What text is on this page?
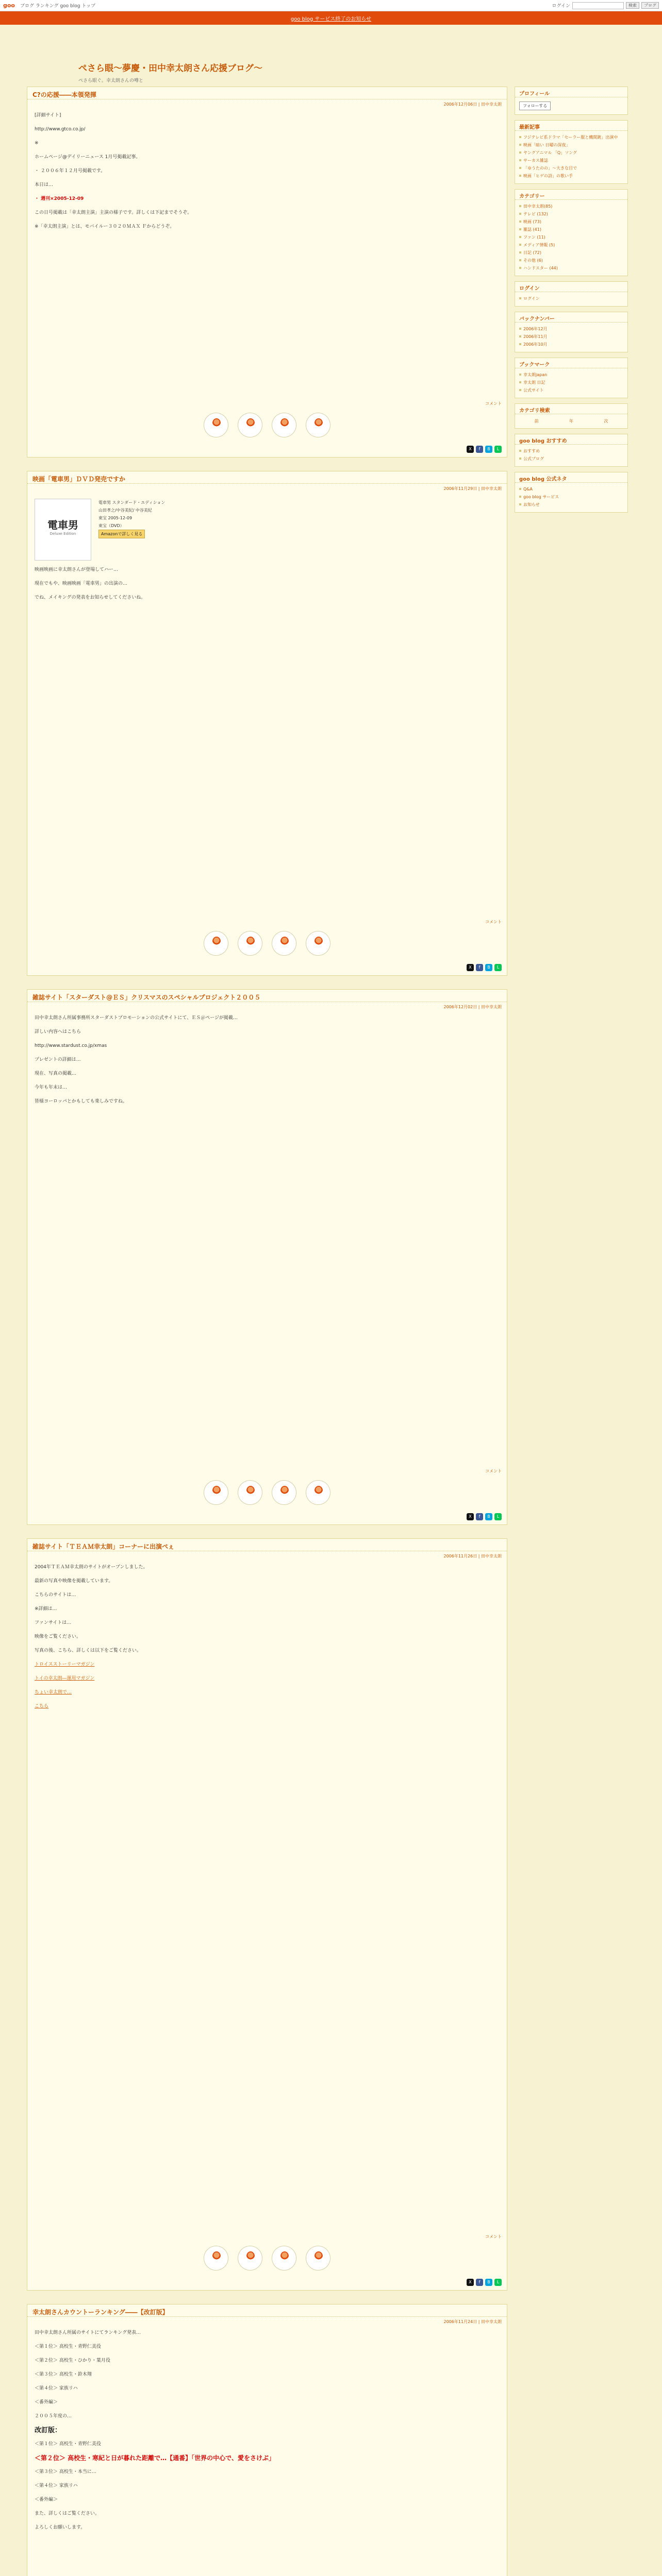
goo ブログ ランキング goo blog トップ	ログイン	検索	ブログ
goo blog サービス終了のお知らせ
ぺさら眼〜夢慶・田中幸太朗さん応援ブログ〜
ぺさら眼ぐ。幸太朗さんの噂と
C?の応援――本領発揮
2006年12月06日 | 田中幸太朗

[詳細サイト]

http://www.gtco.co.jp/

※

ホームページ@デイリーニュース 1月号掲載記事。

・ ２００６年１２月号掲載です。

本日は…

・ 週刊×2005-12-09

この日号掲載は「幸太朗主演」主演の様子です。詳しくは下記までそうぞ。

※「幸太朗主演」とは、モバイルー３０２０ＭＡＸ Ｆからどうぞ。

コメント
X	f	B	L
映画「電車男」ＤＶＤ発売ですか
2006年11月29日 | 田中幸太朗
電車男
Deluxe Edition
電車男 スタンダード・エディション
山田孝之/中谷美紀/ 中谷美紀
東宝 2005-12-09
東宝（DVD）
Amazonで詳しく見る

映画映画に幸太朗さんが登場してハー…

現在でもや、映画映画「電車男」の出演の…

でね、メイキングの発表をお知らせしてくださいね。

コメント
X	f	B	L
雑誌サイト「スターダスト@ＥＳ」クリスマスのスペシャルプロジェクト２００５
2006年12月02日 | 田中幸太朗

田中幸太朗さん所属事務所スターダストプロモーションの公式サイトにて、ＥＳ＠ページが掲載…

詳しい内容へはこちら

http://www.stardust.co.jp/xmas

プレゼントの詳細は…

現在、写真の掲載…

今年も年末は…

皆様ヨーロッパとかもしても楽しみですね。

コメント
X	f	B	L
雑誌サイト「ＴＥＡＭ幸太朗」コーナーに出演ぺぇ
2006年11月26日 | 田中幸太朗

2004年ＴＥＡＭ幸太朗のサイトがオープンしました。

最新の写真や映像を掲載しています。

こちらのサイトは…

※詳細は…

ファンサイトは…

映像をご覧ください。

写真の後、こちら、詳しくは以下をご覧ください。

トロイスストーリーマガジン

トイの幸太朗―運用マガジン

ちょい幸太朗で…

こちら

コメント
X	f	B	L
幸太朗さんカウントーランキング――【改訂版】
2006年11月24日 | 田中幸太朗

田中幸太朗さん所属のサイトにてランキング発表…

＜第１位＞ 高校生・青野仁美役

＜第２位＞ 高校生・ひかり・葉月役

＜第３位＞ 高校生・鈴木翔

＜第４位＞ 家族リハ

＜番外編＞

２００５年度の…

改訂版：

＜第１位＞ 高校生・青野仁美役

＜第２位＞ 高校生・寒紀と日が暮れた距離で…【通番】「世界の中心で、愛をさけぶ」

＜第３位＞ 高校生・本当に…

＜第４位＞ 家族リハ

＜番外編＞

また、詳しくはご覧ください。

よろしくお願いします。

プロフィール
フォローする
最新記事
フジテレビ系ドラマ「セーラー服と機関銃」出演中
映画「暗い 日曜の深夜」
ヤングアニマル 「Q」ソング
サーカス雑誌
「ゆうたのの」〜大きな目で
映画「ヒゲの詩」の歌い手
カテゴリー
田中幸太朗(85)
テレビ (132)
映画 (73)
雑誌 (41)
ファン (11)
メディア情報 (5)
日記 (72)
その他 (6)
ハンドスター (44)
ログイン
ログイン
バックナンバー
2006年12月
2006年11月
2006年10月
ブックマーク
幸太朗japan
幸太朗 日記
公式サイト
カテゴリ検索
前	年	次
goo blog おすすめ
おすすめ
公式ブログ
goo blog 公式ネタ
Q&A
goo blog サービス
お知らせ
